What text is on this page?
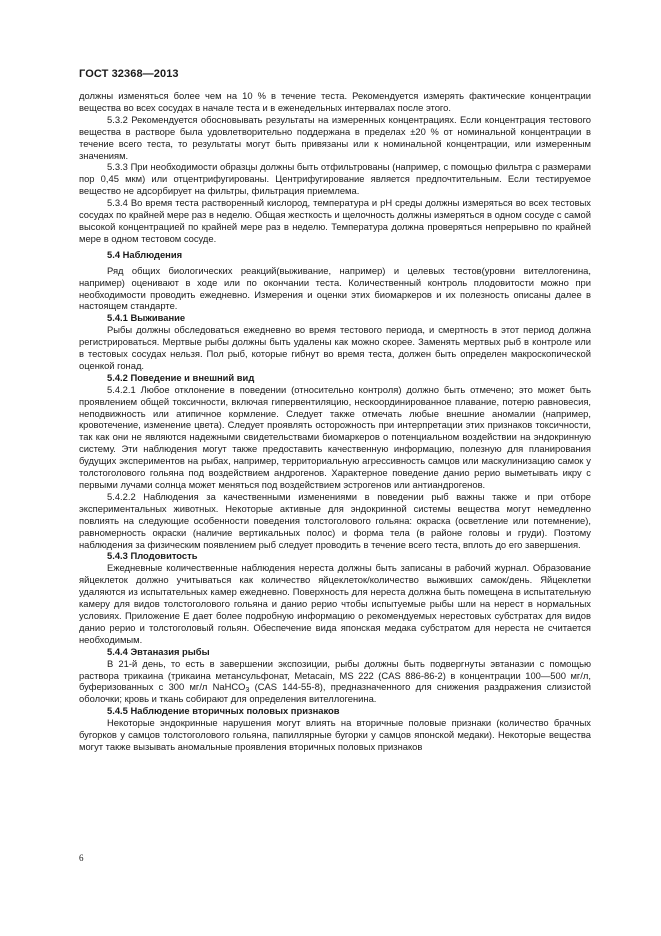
ГОСТ 32368—2013

должны изменяться более чем на 10 % в течение теста. Рекомендуется измерять фактические концентрации вещества во всех сосудах в начале теста и в еженедельных интервалах после этого.

5.3.2 Рекомендуется обосновывать результаты на измеренных концентрациях. Если концентрация тестового вещества в растворе была удовлетворительно поддержана в пределах ±20 % от номинальной концентрации в течение всего теста, то результаты могут быть привязаны или к номинальной концентрации, или измеренным значениям.

5.3.3 При необходимости образцы должны быть отфильтрованы (например, с помощью фильтра с размерами пор 0,45 мкм) или отцентрифугированы. Центрифугирование является предпочтительным. Если тестируемое вещество не адсорбирует на фильтры, фильтрация приемлема.

5.3.4 Во время теста растворенный кислород, температура и pH среды должны измеряться во всех тестовых сосудах по крайней мере раз в неделю. Общая жесткость и щелочность должны измеряться в одном сосуде с самой высокой концентрацией по крайней мере раз в неделю. Температура должна проверяться непрерывно по крайней мере в одном тестовом сосуде.

5.4 Наблюдения

Ряд общих биологических реакций(выживание, например) и целевых тестов(уровни вителлогенина, например) оценивают в ходе или по окончании теста. Количественный контроль плодовитости можно при необходимости проводить ежедневно. Измерения и оценки этих биомаркеров и их полезность описаны далее в настоящем стандарте.

5.4.1 Выживание

Рыбы должны обследоваться ежедневно во время тестового периода, и смертность в этот период должна регистрироваться. Мертвые рыбы должны быть удалены как можно скорее. Заменять мертвых рыб в контроле или в тестовых сосудах нельзя. Пол рыб, которые гибнут во время теста, должен быть определен макроскопической оценкой гонад.

5.4.2 Поведение и внешний вид

5.4.2.1 Любое отклонение в поведении (относительно контроля) должно быть отмечено; это может быть проявлением общей токсичности, включая гипервентиляцию, нескоординированное плавание, потерю равновесия, неподвижность или атипичное кормление. Следует также отмечать любые внешние аномалии (например, кровотечение, изменение цвета). Следует проявлять осторожность при интерпретации этих признаков токсичности, так как они не являются надежными свидетельствами биомаркеров о потенциальном воздействии на эндокринную систему. Эти наблюдения могут также предоставить качественную информацию, полезную для планирования будущих экспериментов на рыбах, например, территориальную агрессивность самцов или маскулинизацию самок у толстоголового гольяна под воздействием андрогенов. Характерное поведение данио рерио выметывать икру с первыми лучами солнца может меняться под воздействием эстрогенов или антиандрогенов.

5.4.2.2 Наблюдения за качественными изменениями в поведении рыб важны также и при отборе экспериментальных животных. Некоторые активные для эндокринной системы вещества могут немедленно повлиять на следующие особенности поведения толстоголового гольяна: окраска (осветление или потемнение), равномерность окраски (наличие вертикальных полос) и форма тела (в районе головы и груди). Поэтому наблюдения за физическим появлением рыб следует проводить в течение всего теста, вплоть до его завершения.

5.4.3 Плодовитость

Ежедневные количественные наблюдения нереста должны быть записаны в рабочий журнал. Образование яйцеклеток должно учитываться как количество яйцеклеток/количество выживших самок/день. Яйцеклетки удаляются из испытательных камер ежедневно. Поверхность для нереста должна быть помещена в испытательную камеру для видов толстоголового гольяна и данио рерио чтобы испытуемые рыбы шли на нерест в нормальных условиях. Приложение Е дает более подробную информацию о рекомендуемых нерестовых субстратах для видов данио рерио и толстоголовый гольян. Обеспечение вида японская медака субстратом для нереста не считается необходимым.

5.4.4 Эвтаназия рыбы

В 21-й день, то есть в завершении экспозиции, рыбы должны быть подвергнуты эвтаназии с помощью раствора трикаина (трикаина метансульфонат, Metacain, MS 222 (CAS 886-86-2) в концентрации 100—500 мг/л, буферизованных с 300 мг/л NaHCO$_3$ (CAS 144-55-8), предназначенного для снижения раздражения слизистой оболочки; кровь и ткань собирают для определения вителлогенина.

5.4.5 Наблюдение вторичных половых признаков

Некоторые эндокринные нарушения могут влиять на вторичные половые признаки (количество брачных бугорков у самцов толстоголового гольяна, папиллярные бугорки у самцов японской медаки). Некоторые вещества могут также вызывать аномальные проявления вторичных половых признаков

6
